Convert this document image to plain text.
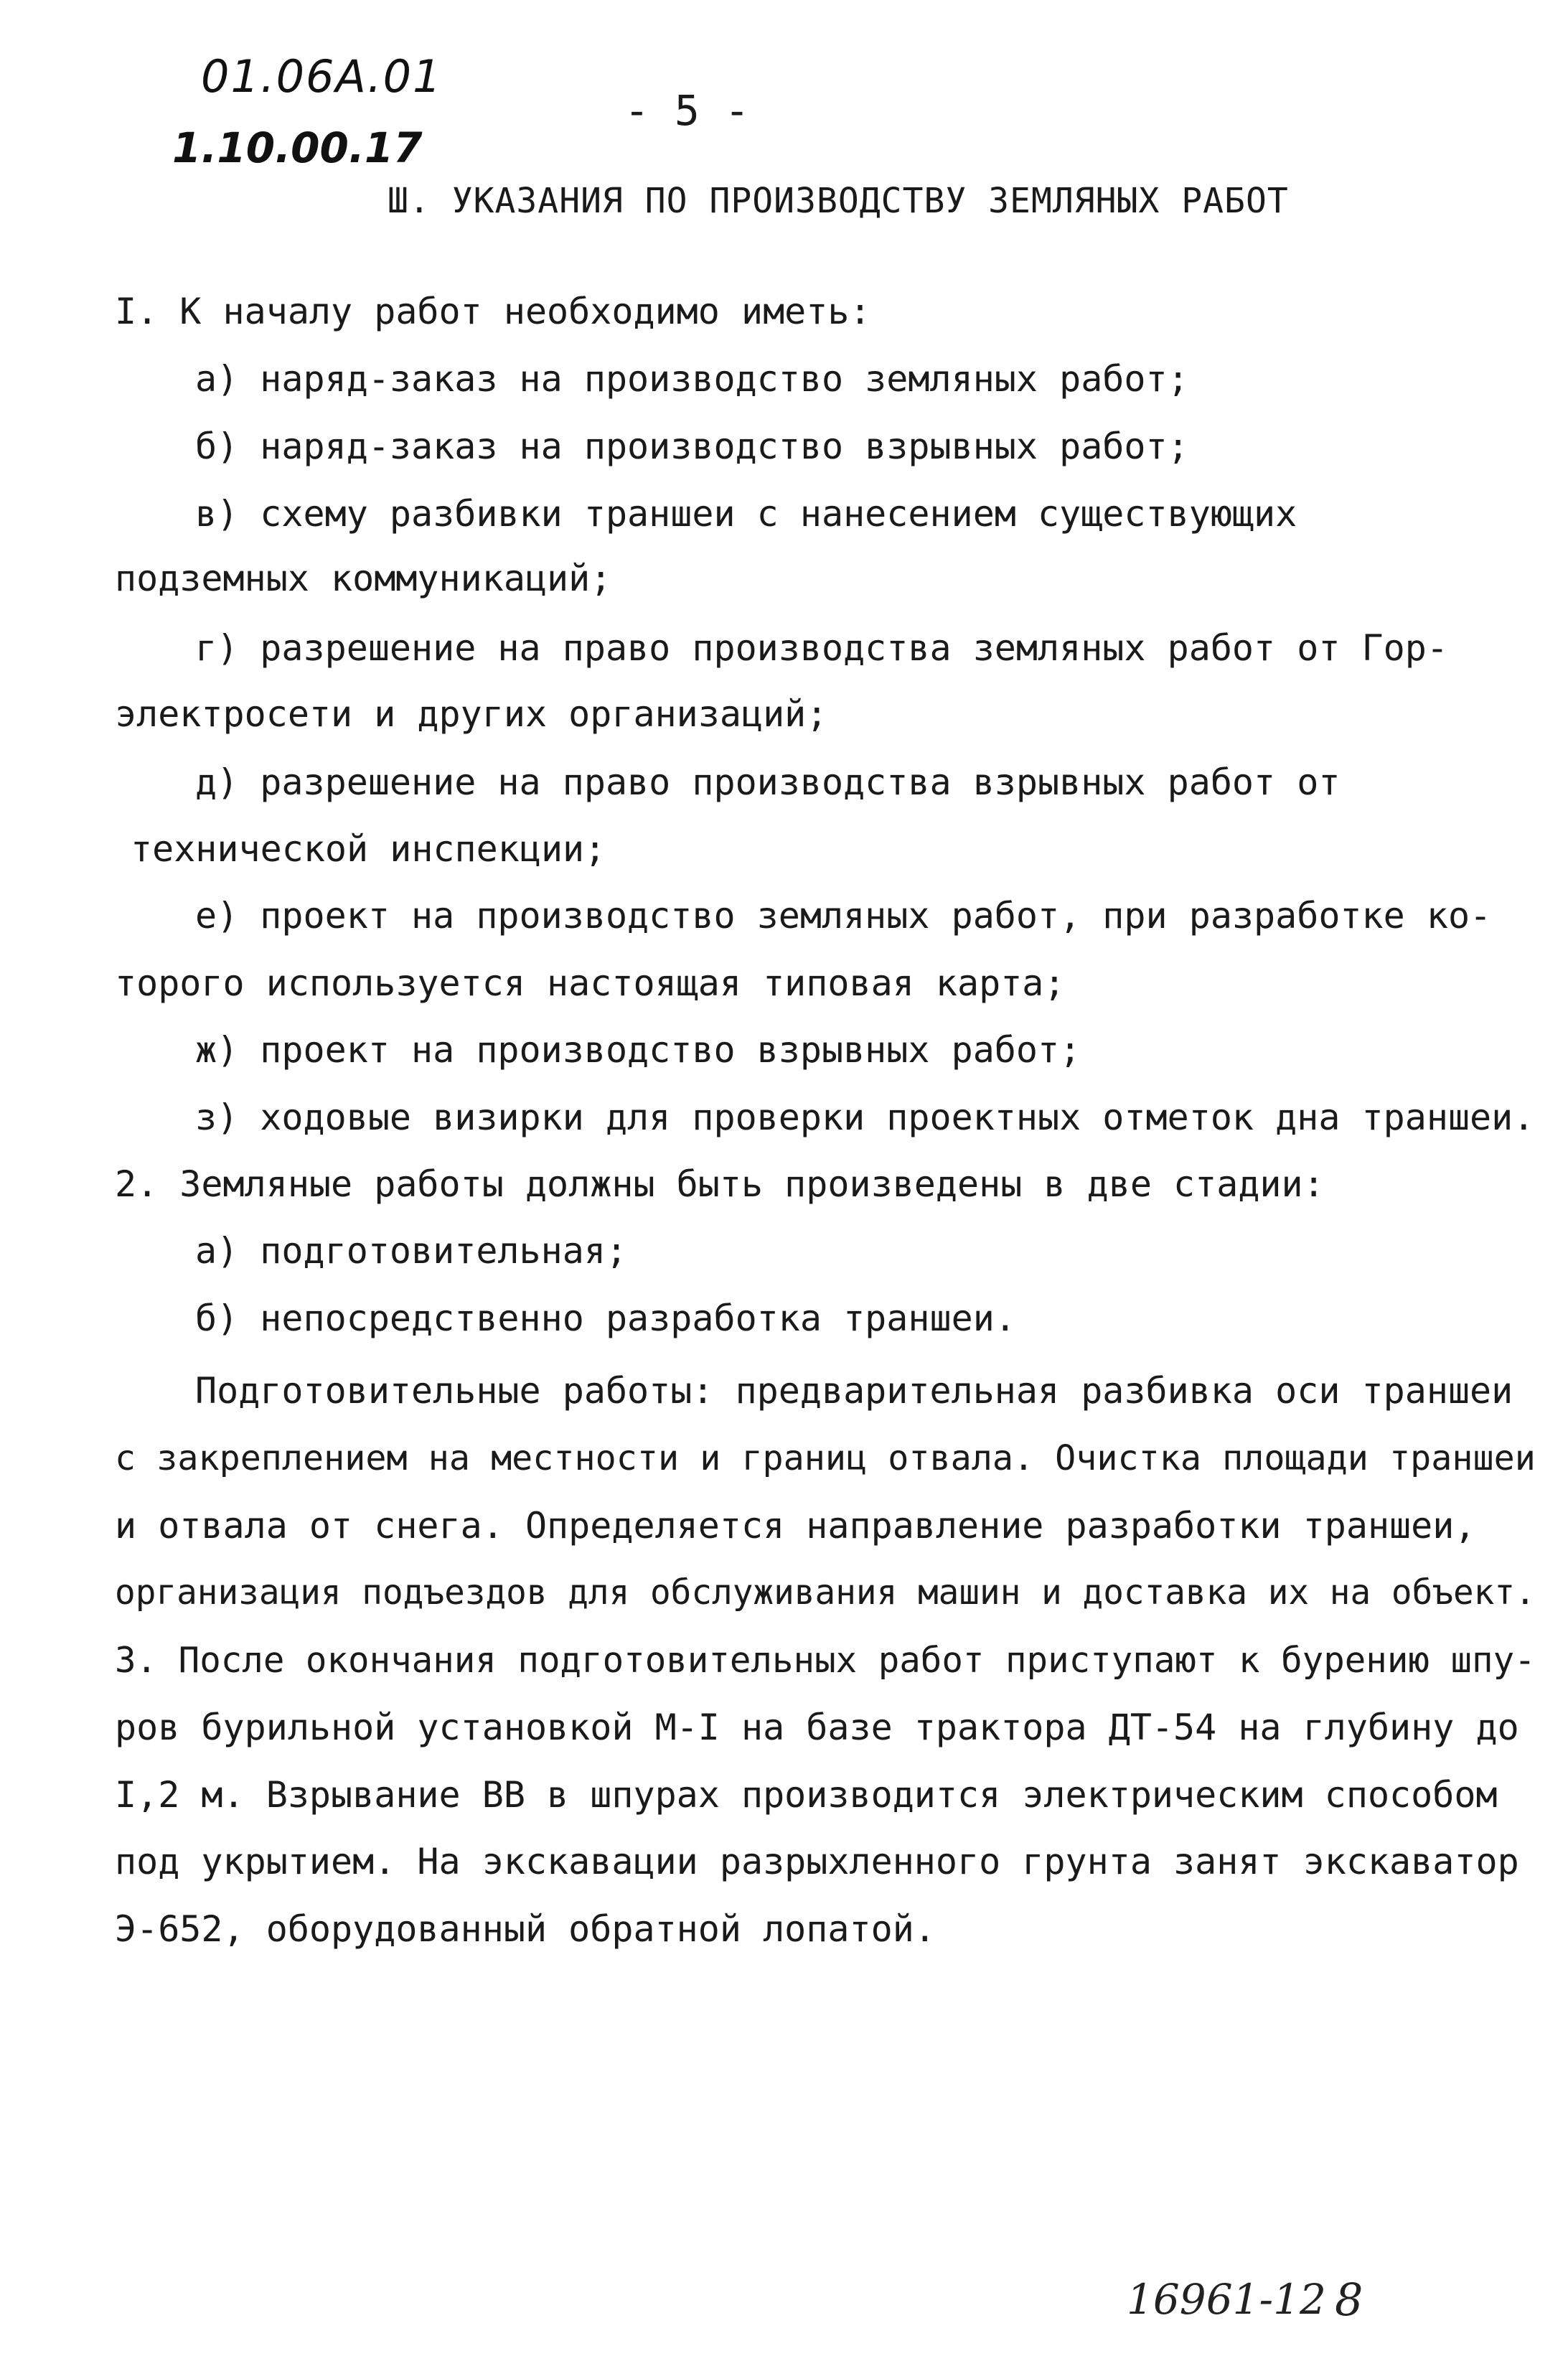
01.06А.01
1.10.00.17
- 5 -
Ш. УКАЗАНИЯ ПО ПРОИЗВОДСТВУ ЗЕМЛЯНЫХ РАБОТ
I. К началу работ необходимо иметь:
а) наряд-заказ на производство земляных работ;
б) наряд-заказ на производство взрывных работ;
в) схему разбивки траншеи с нанесением существующих
подземных коммуникаций;
г) разрешение на право производства земляных работ от Гор-
электросети и других организаций;
д) разрешение на право производства взрывных работ от
технической инспекции;
е) проект на производство земляных работ, при разработке ко-
торого используется настоящая типовая карта;
ж) проект на производство взрывных работ;
з) ходовые визирки для проверки проектных отметок дна траншеи.
2. Земляные работы должны быть произведены в две стадии:
а) подготовительная;
б) непосредственно разработка траншеи.
Подготовительные работы: предварительная разбивка оси траншеи
с закреплением на местности и границ отвала. Очистка площади траншеи
и отвала от снега. Определяется направление разработки траншеи,
организация подъездов для обслуживания машин и доставка их на объект.
3. После окончания подготовительных работ приступают к бурению шпу-
ров бурильной установкой М-I на базе трактора ДТ-54 на глубину до
I,2 м. Взрывание ВВ в шпурах производится электрическим способом
под укрытием. На экскавации разрыхленного грунта занят экскаватор
Э-652, оборудованный обратной лопатой.
16961-12 8
